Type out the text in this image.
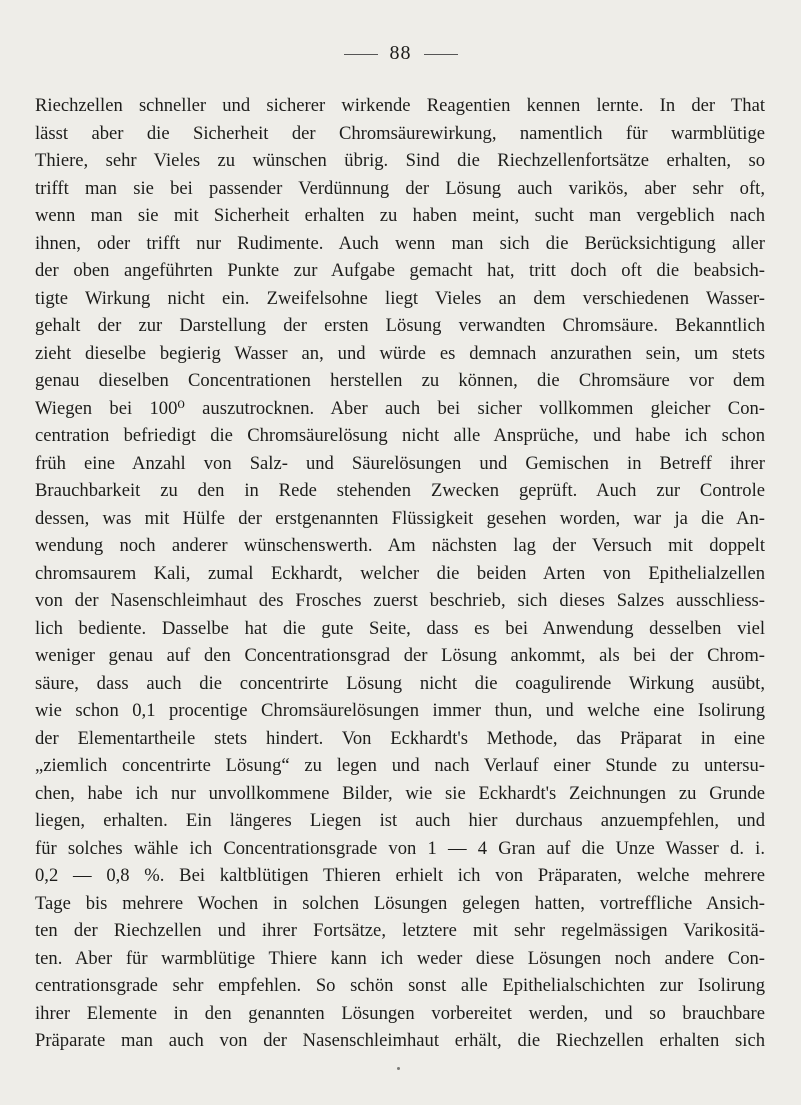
88
Riechzellen schneller und sicherer wirkende Reagentien kennen lernte. In der That
lässt aber die Sicherheit der Chromsäurewirkung, namentlich für warmblütige
Thiere, sehr Vieles zu wünschen übrig. Sind die Riechzellenfortsätze erhalten, so
trifft man sie bei passender Verdünnung der Lösung auch varikös, aber sehr oft,
wenn man sie mit Sicherheit erhalten zu haben meint, sucht man vergeblich nach
ihnen, oder trifft nur Rudimente. Auch wenn man sich die Berücksichtigung aller
der oben angeführten Punkte zur Aufgabe gemacht hat, tritt doch oft die beabsich-
tigte Wirkung nicht ein. Zweifelsohne liegt Vieles an dem verschiedenen Wasser-
gehalt der zur Darstellung der ersten Lösung verwandten Chromsäure. Bekanntlich
zieht dieselbe begierig Wasser an, und würde es demnach anzurathen sein, um stets
genau dieselben Concentrationen herstellen zu können, die Chromsäure vor dem
Wiegen bei 100⁰ auszutrocknen. Aber auch bei sicher vollkommen gleicher Con-
centration befriedigt die Chromsäurelösung nicht alle Ansprüche, und habe ich schon
früh eine Anzahl von Salz- und Säurelösungen und Gemischen in Betreff ihrer
Brauchbarkeit zu den in Rede stehenden Zwecken geprüft. Auch zur Controle
dessen, was mit Hülfe der erstgenannten Flüssigkeit gesehen worden, war ja die An-
wendung noch anderer wünschenswerth. Am nächsten lag der Versuch mit doppelt
chromsaurem Kali, zumal Eckhardt, welcher die beiden Arten von Epithelialzellen
von der Nasenschleimhaut des Frosches zuerst beschrieb, sich dieses Salzes ausschliess-
lich bediente. Dasselbe hat die gute Seite, dass es bei Anwendung desselben viel
weniger genau auf den Concentrationsgrad der Lösung ankommt, als bei der Chrom-
säure, dass auch die concentrirte Lösung nicht die coagulirende Wirkung ausübt,
wie schon 0,1 procentige Chromsäurelösungen immer thun, und welche eine Isolirung
der Elementartheile stets hindert. Von Eckhardt's Methode, das Präparat in eine
„ziemlich concentrirte Lösung“ zu legen und nach Verlauf einer Stunde zu untersu-
chen, habe ich nur unvollkommene Bilder, wie sie Eckhardt's Zeichnungen zu Grunde
liegen, erhalten. Ein längeres Liegen ist auch hier durchaus anzuempfehlen, und
für solches wähle ich Concentrationsgrade von 1 — 4 Gran auf die Unze Wasser d. i.
0,2 — 0,8 %. Bei kaltblütigen Thieren erhielt ich von Präparaten, welche mehrere
Tage bis mehrere Wochen in solchen Lösungen gelegen hatten, vortreffliche Ansich-
ten der Riechzellen und ihrer Fortsätze, letztere mit sehr regelmässigen Varikositä-
ten. Aber für warmblütige Thiere kann ich weder diese Lösungen noch andere Con-
centrationsgrade sehr empfehlen. So schön sonst alle Epithelialschichten zur Isolirung
ihrer Elemente in den genannten Lösungen vorbereitet werden, und so brauchbare
Präparate man auch von der Nasenschleimhaut erhält, die Riechzellen erhalten sich
